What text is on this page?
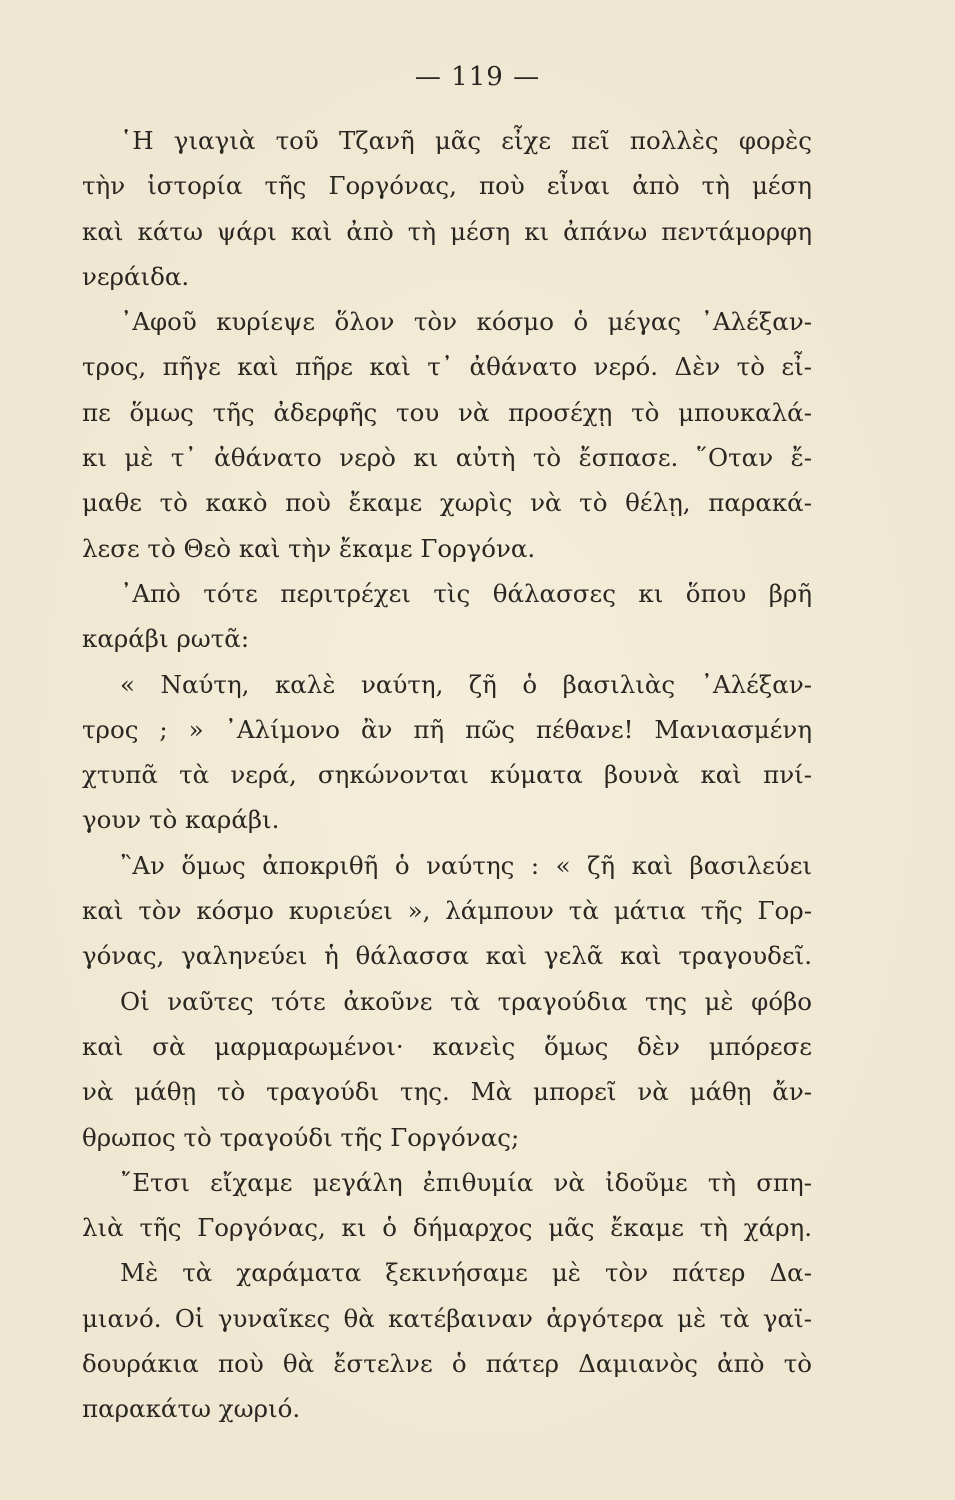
— 119 —
῾Η γιαγιὰ τοῦ Τζανῆ μᾶς εἶχε πεῖ πολλὲς φορὲς
τὴν ἱστορία τῆς Γοργόνας, ποὺ εἶναι ἀπὸ τὴ μέση
καὶ κάτω ψάρι καὶ ἀπὸ τὴ μέση κι ἀπάνω πεντάμορφη
νεράιδα.
᾿Αφοῦ κυρίεψε ὅλον τὸν κόσμο ὁ μέγας ᾿Αλέξαν-
τρος, πῆγε καὶ πῆρε καὶ τ᾿ ἀθάνατο νερό. Δὲν τὸ εἶ-
πε ὅμως τῆς ἀδερφῆς του νὰ προσέχῃ τὸ μπουκαλά-
κι μὲ τ᾿ ἀθάνατο νερὸ κι αὐτὴ τὸ ἔσπασε. ῞Οταν ἔ-
μαθε τὸ κακὸ ποὺ ἔκαμε χωρὶς νὰ τὸ θέλῃ, παρακά-
λεσε τὸ Θεὸ καὶ τὴν ἔκαμε Γοργόνα.
᾿Απὸ τότε περιτρέχει τὶς θάλασσες κι ὅπου βρῆ
καράβι ρωτᾶ:
« Ναύτη, καλὲ ναύτη, ζῆ ὁ βασιλιὰς ᾿Αλέξαν-
τρος ; » ᾿Αλίμονο ἂν πῆ πῶς πέθανε! Μανιασμένη
χτυπᾶ τὰ νερά, σηκώνονται κύματα βουνὰ καὶ πνί-
γουν τὸ καράβι.
῍Αν ὅμως ἀποκριθῆ ὁ ναύτης : « ζῆ καὶ βασιλεύει
καὶ τὸν κόσμο κυριεύει », λάμπουν τὰ μάτια τῆς Γορ-
γόνας, γαληνεύει ἡ θάλασσα καὶ γελᾶ καὶ τραγουδεῖ.
Οἱ ναῦτες τότε ἀκοῦνε τὰ τραγούδια της μὲ φόβο
καὶ σὰ μαρμαρωμένοι· κανεὶς ὅμως δὲν μπόρεσε
νὰ μάθῃ τὸ τραγούδι της. Μὰ μπορεῖ νὰ μάθῃ ἄν-
θρωπος τὸ τραγούδι τῆς Γοργόνας;
῎Ετσι εἴχαμε μεγάλη ἐπιθυμία νὰ ἰδοῦμε τὴ σπη-
λιὰ τῆς Γοργόνας, κι ὁ δήμαρχος μᾶς ἔκαμε τὴ χάρη.
Μὲ τὰ χαράματα ξεκινήσαμε μὲ τὸν πάτερ Δα-
μιανό. Οἱ γυναῖκες θὰ κατέβαιναν ἀργότερα μὲ τὰ γαϊ-
δουράκια ποὺ θὰ ἔστελνε ὁ πάτερ Δαμιανὸς ἀπὸ τὸ
παρακάτω χωριό.
